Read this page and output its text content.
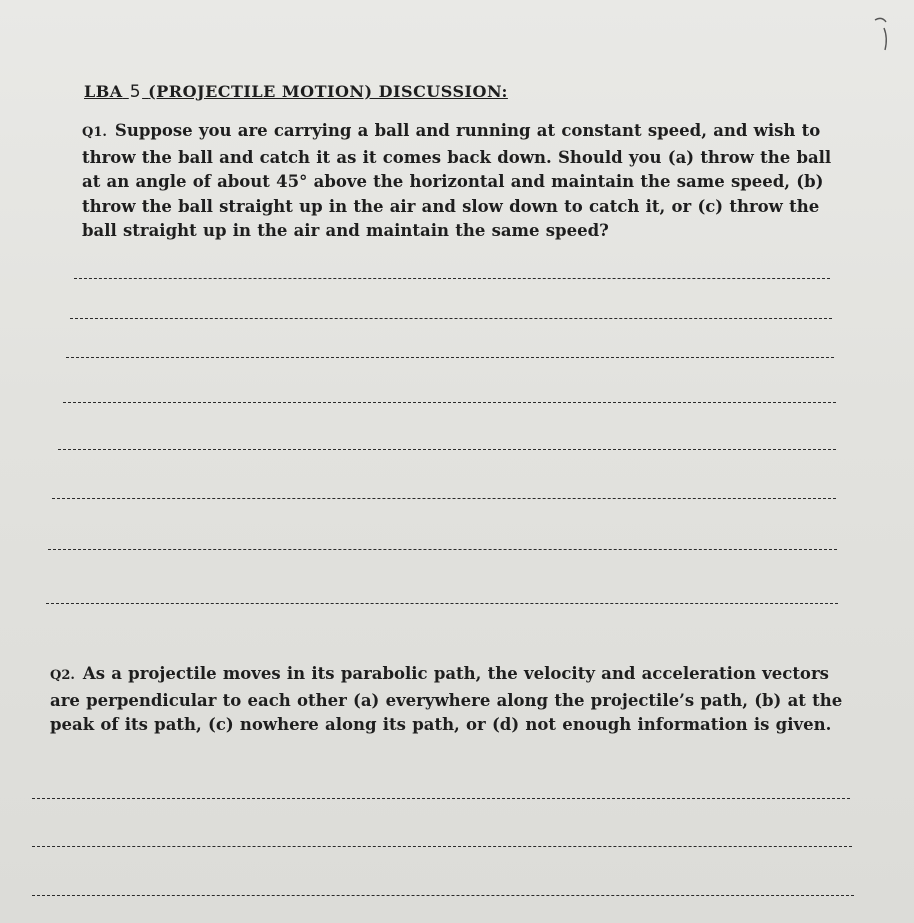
LBA 5 (PROJECTILE MOTION) DISCUSSION:
Q1. Suppose you are carrying a ball and running at constant speed, and wish to throw the ball and catch it as it comes back down. Should you (a) throw the ball at an angle of about 45° above the horizontal and maintain the same speed, (b) throw the ball straight up in the air and slow down to catch it, or (c) throw the ball straight up in the air and maintain the same speed?
Q2. As a projectile moves in its parabolic path, the velocity and acceleration vectors are perpendicular to each other (a) everywhere along the projectile’s path, (b) at the peak of its path, (c) nowhere along its path, or (d) not enough information is given.
